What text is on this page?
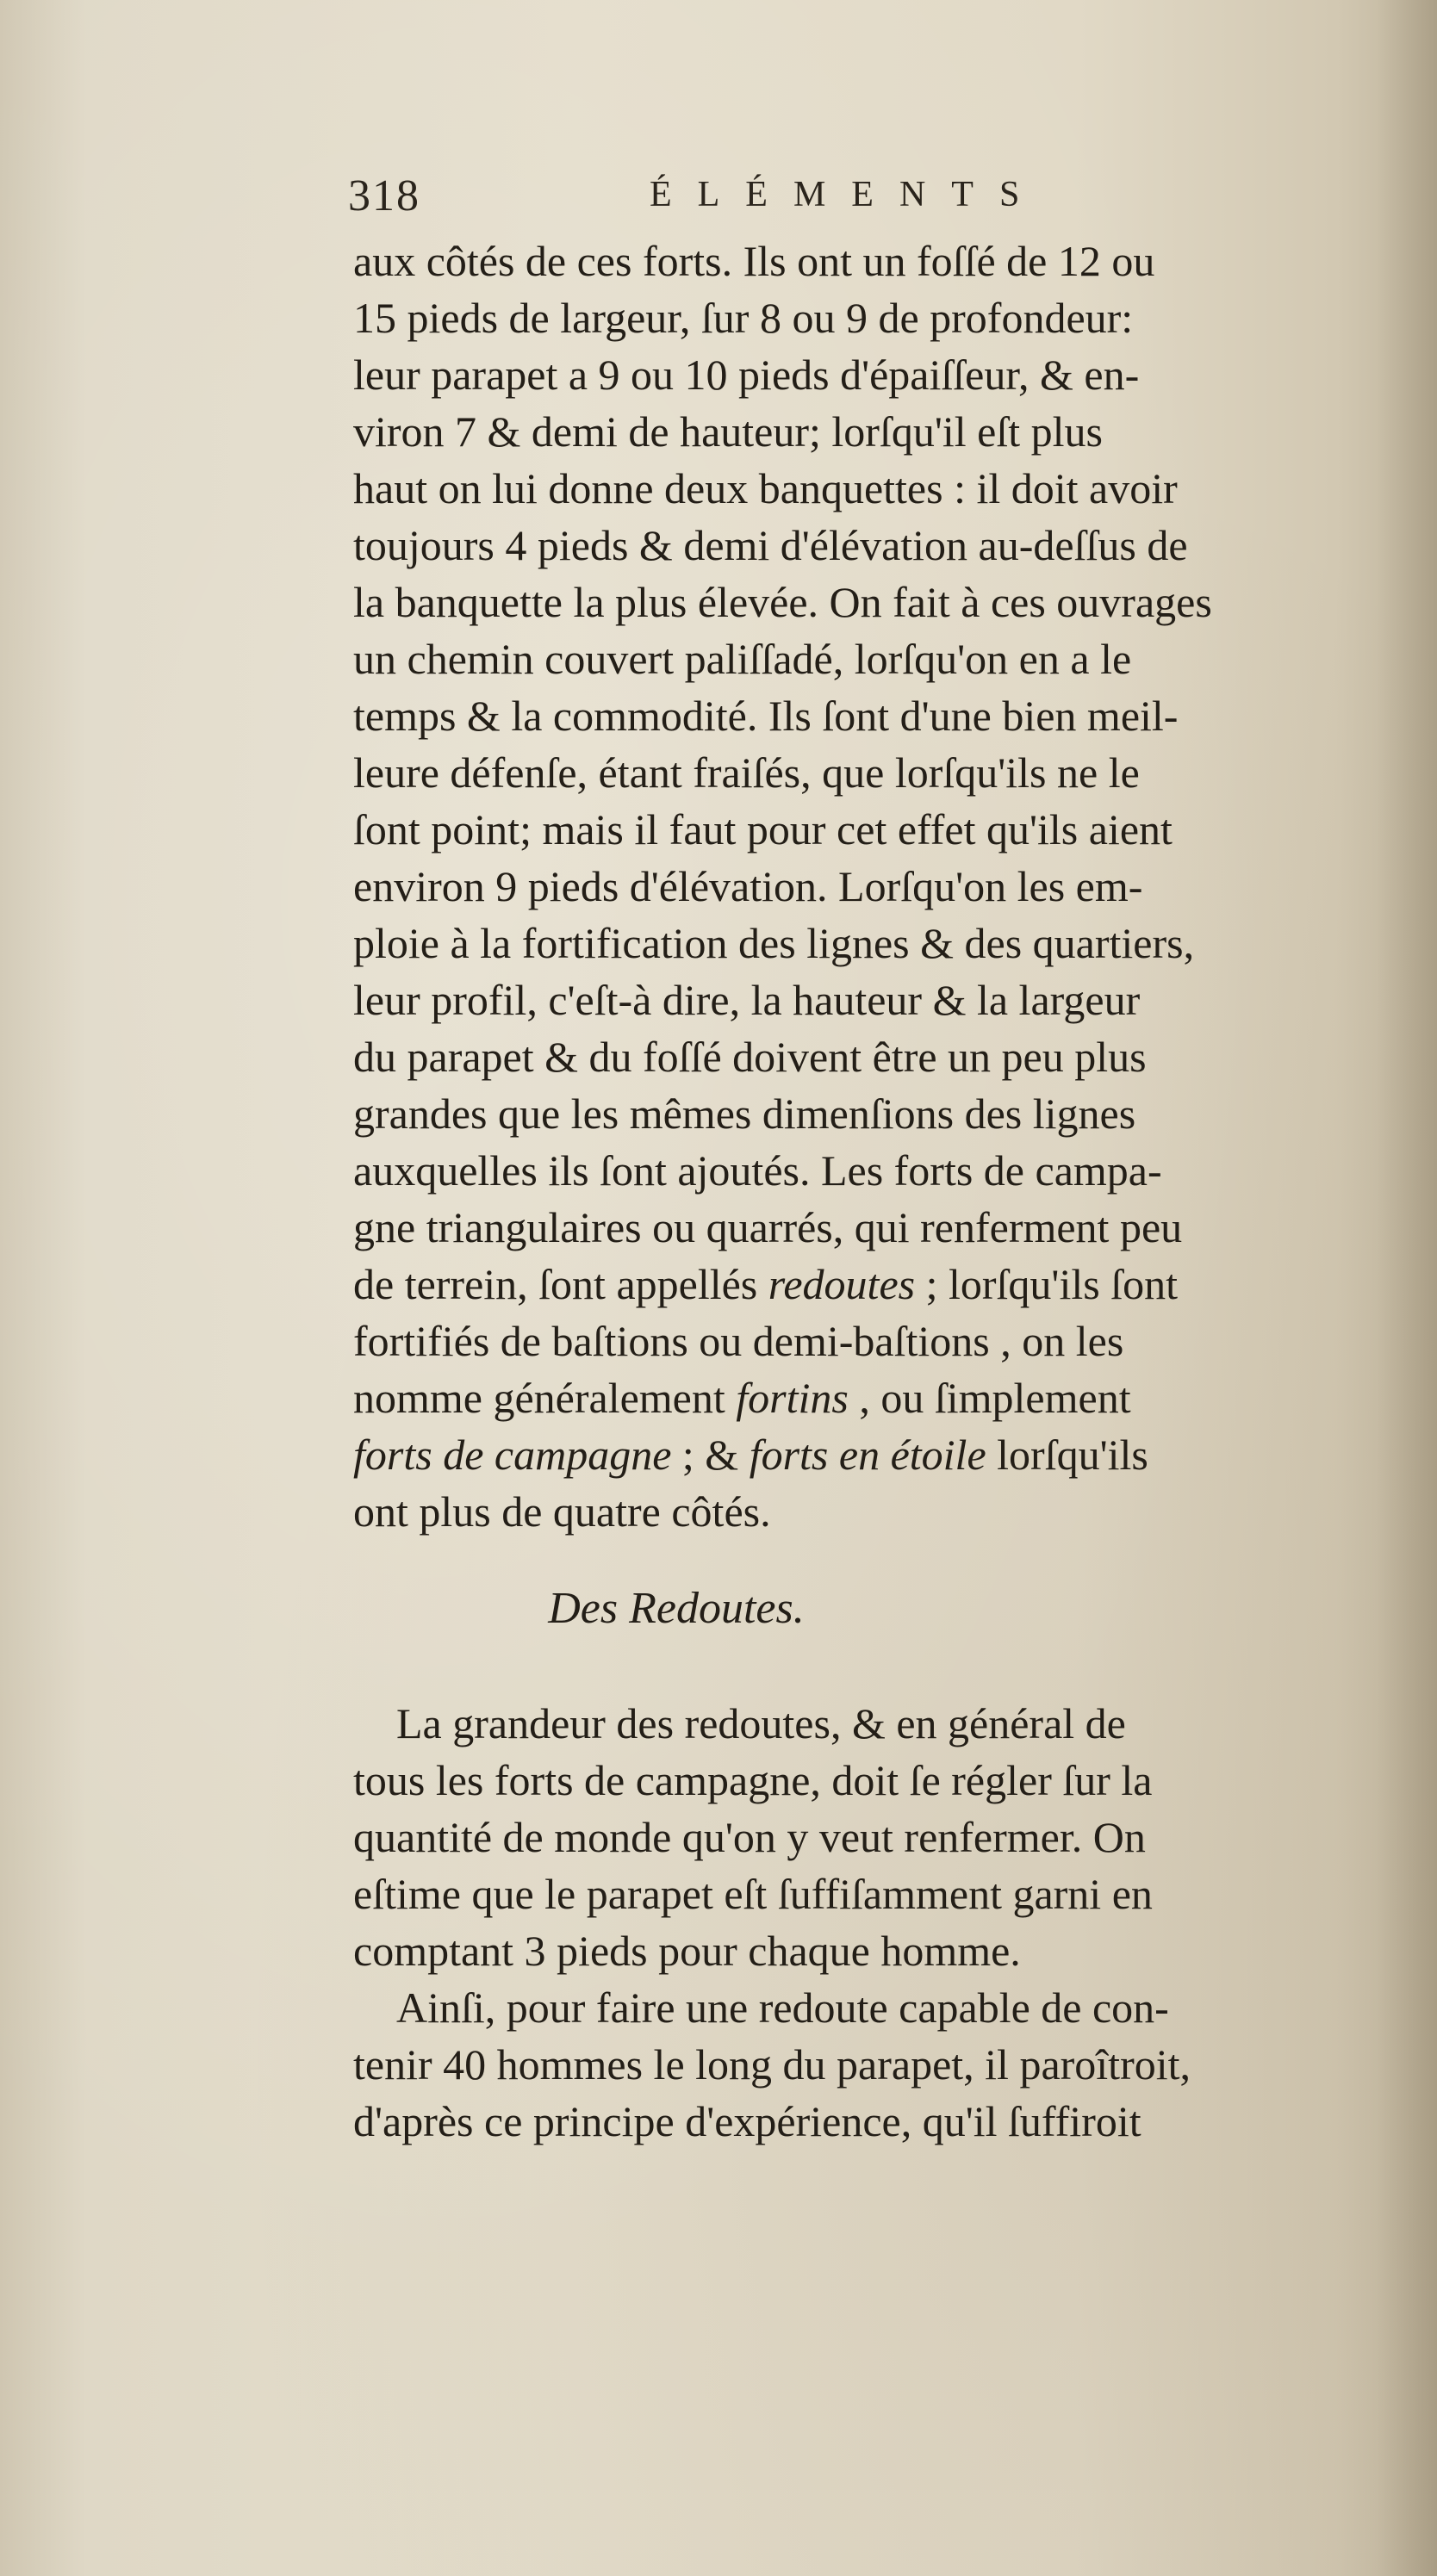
318	ÉLÉMENTS
aux côtés de ces forts. Ils ont un foſſé de 12 ou
15 pieds de largeur, ſur 8 ou 9 de profondeur:
leur parapet a 9 ou 10 pieds d'épaiſſeur, & en-
viron 7 & demi de hauteur; lorſqu'il eſt plus
haut on lui donne deux banquettes : il doit avoir
toujours 4 pieds & demi d'élévation au-deſſus de
la banquette la plus élevée. On fait à ces ouvrages
un chemin couvert paliſſadé, lorſqu'on en a le
temps & la commodité. Ils ſont d'une bien meil-
leure défenſe, étant fraiſés, que lorſqu'ils ne le
ſont point; mais il faut pour cet effet qu'ils aient
environ 9 pieds d'élévation. Lorſqu'on les em-
ploie à la fortification des lignes & des quartiers,
leur profil, c'eſt-à dire, la hauteur & la largeur
du parapet & du foſſé doivent être un peu plus
grandes que les mêmes dimenſions des lignes
auxquelles ils ſont ajoutés. Les forts de campa-
gne triangulaires ou quarrés, qui renferment peu
de terrein, ſont appellés redoutes ; lorſqu'ils ſont
fortifiés de baſtions ou demi-baſtions , on les
nomme généralement fortins , ou ſimplement
forts de campagne ; & forts en étoile lorſqu'ils
ont plus de quatre côtés.
Des Redoutes.
La grandeur des redoutes, & en général de
tous les forts de campagne, doit ſe régler ſur la
quantité de monde qu'on y veut renfermer. On
eſtime que le parapet eſt ſuffiſamment garni en
comptant 3 pieds pour chaque homme.
Ainſi, pour faire une redoute capable de con-
tenir 40 hommes le long du parapet, il paroîtroit,
d'après ce principe d'expérience, qu'il ſuffiroit
